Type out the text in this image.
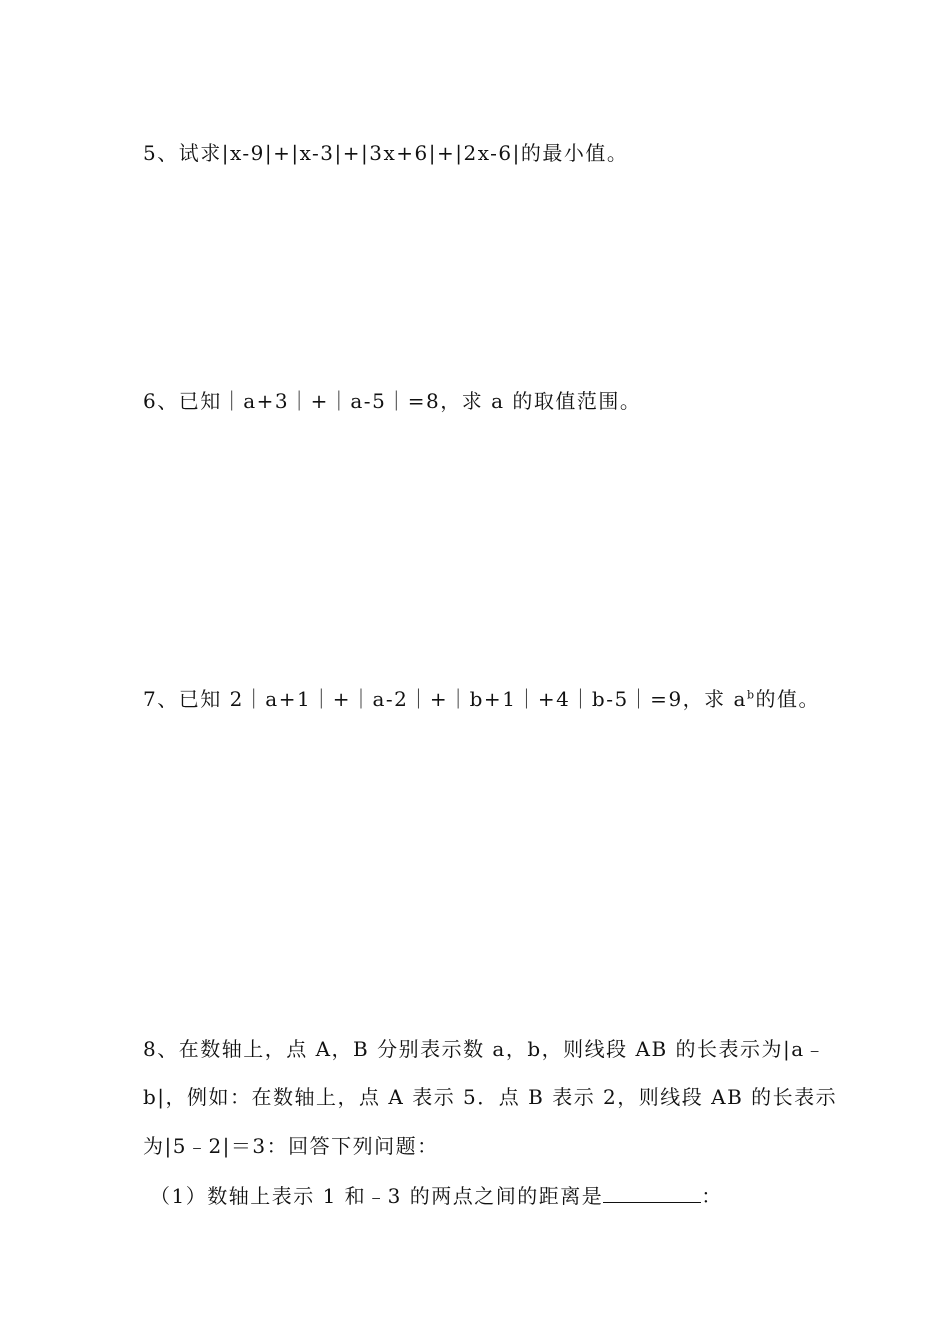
5、试求|x-9|+|x-3|+|3x+6|+|2x-6|的最小值。
6、已知｜a+3｜+｜a-5｜=8，求 a 的取值范围。
7、已知 2｜a+1｜+｜a-2｜+｜b+1｜+4｜b-5｜=9，求 $a^b$的值。
8、在数轴上，点 A，B 分别表示数 a，b，则线段 AB 的长表示为|a﹣
b|，例如：在数轴上，点 A 表示 5．点 B 表示 2，则线段 AB 的长表示
为|5﹣2|＝3：回答下列问题：
（1）数轴上表示 1 和﹣3 的两点之间的距离是	：
